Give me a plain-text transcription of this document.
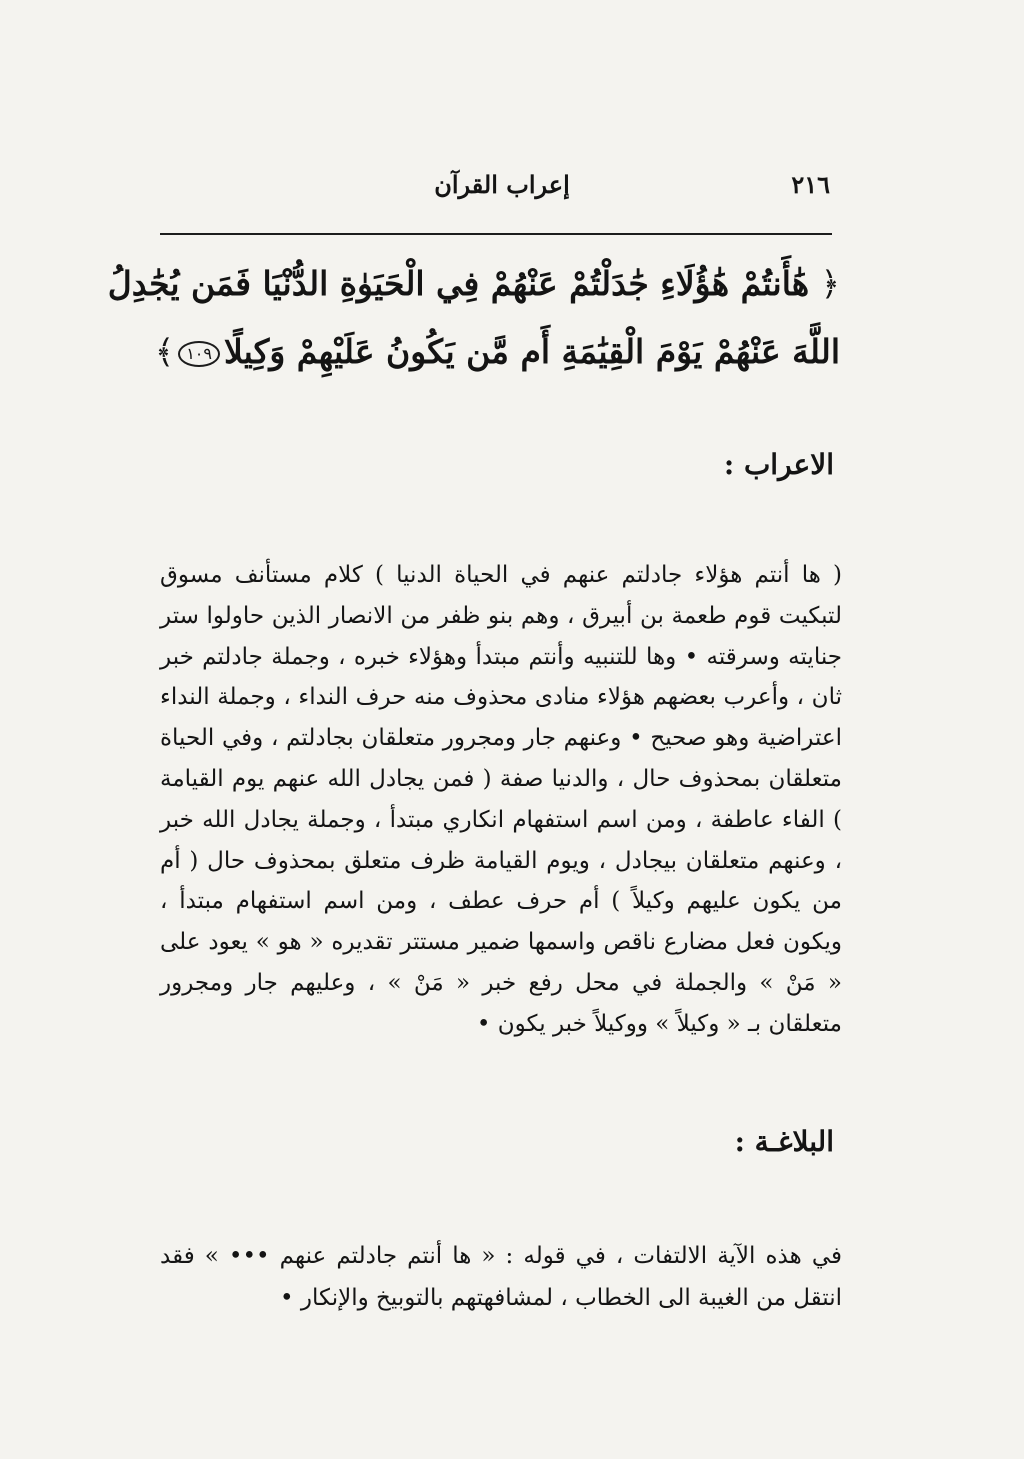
٢١٦
إعراب القرآن
﴿ هَٰأَنتُمْ هَٰؤُلَاءِ جَٰدَلْتُمْ عَنْهُمْ فِي الْحَيَوٰةِ الدُّنْيَا فَمَن يُجَٰدِلُ
اللَّهَ عَنْهُمْ يَوْمَ الْقِيَٰمَةِ أَم مَّن يَكُونُ عَلَيْهِمْ وَكِيلًا١٠٩﴾
الاعراب :

( ها أنتم هؤلاء جادلتم عنهم في الحياة الدنيا ) كلام مستأنف مسوق لتبكيت قوم طعمة بن أبيرق ، وهم بنو ظفر من الانصار الذين حاولوا ستر جنايته وسرقته • وها للتنبيه وأنتم مبتدأ وهؤلاء خبره ، وجملة جادلتم خبر ثان ، وأعرب بعضهم هؤلاء منادى محذوف منه حرف النداء ، وجملة النداء اعتراضية وهو صحيح • وعنهم جار ومجرور متعلقان بجادلتم ، وفي الحياة متعلقان بمحذوف حال ، والدنيا صفة ( فمن يجادل الله عنهم يوم القيامة ) الفاء عاطفة ، ومن اسم استفهام انكاري مبتدأ ، وجملة يجادل الله خبر ، وعنهم متعلقان بيجادل ، ويوم القيامة ظرف متعلق بمحذوف حال ( أم من يكون عليهم وكيلاً ) أم حرف عطف ، ومن اسم استفهام مبتدأ ، ويكون فعل مضارع ناقص واسمها ضمير مستتر تقديره « هو » يعود على « مَنْ » والجملة في محل رفع خبر « مَنْ » ، وعليهم جار ومجرور متعلقان بـ « وكيلاً » ووكيلاً خبر يكون •

البلاغـة :

في هذه الآية الالتفات ، في قوله : « ها أنتم جادلتم عنهم ••• » فقد انتقل من الغيبة الى الخطاب ، لمشافهتهم بالتوبيخ والإنكار •
